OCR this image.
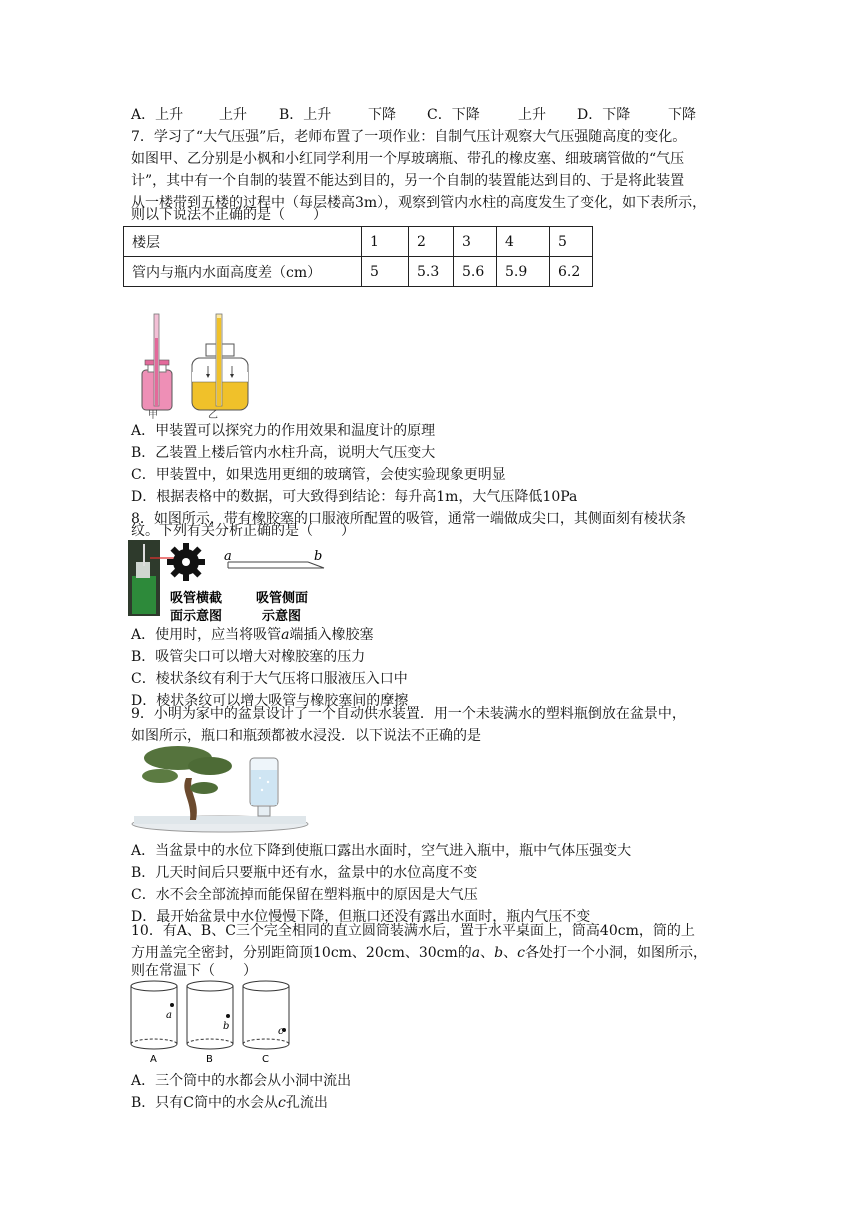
A．上升	上升 B．上升	下降 C．下降	上升 D．下降	下降
7．学习了“大气压强”后，老师布置了一项作业：自制气压计观察大气压强随高度的变化。
如图甲、乙分别是小枫和小红同学利用一个厚玻璃瓶、带孔的橡皮塞、细玻璃管做的“气压
计”，其中有一个自制的装置不能达到目的，另一个自制的装置能达到目的、于是将此装置
从一楼带到五楼的过程中（每层楼高3m），观察到管内水柱的高度发生了变化，如下表所示，
则以下说法不正确的是（　　）
楼层	1	2	3	4	5
管内与瓶内水面高度差（cm）	5	5.3	5.6	5.9	6.2
甲	乙
A．甲装置可以探究力的作用效果和温度计的原理
B．乙装置上楼后管内水柱升高，说明大气压变大
C．甲装置中，如果选用更细的玻璃管，会使实验现象更明显
D．根据表格中的数据，可大致得到结论：每升高1m，大气压降低10Pa
8．如图所示，带有橡胶塞的口服液所配置的吸管，通常一端做成尖口，其侧面刻有棱状条
纹。下列有关分析正确的是（　　）
a	b
吸管横截
面示意图
吸管侧面
示意图
A．使用时，应当将吸管a端插入橡胶塞
B．吸管尖口可以增大对橡胶塞的压力
C．棱状条纹有利于大气压将口服液压入口中
D．棱状条纹可以增大吸管与橡胶塞间的摩擦
9．小明为家中的盆景设计了一个自动供水装置．用一个未装满水的塑料瓶倒放在盆景中，
如图所示，瓶口和瓶颈都被水浸没．以下说法不正确的是
A．当盆景中的水位下降到使瓶口露出水面时，空气进入瓶中，瓶中气体压强变大
B．几天时间后只要瓶中还有水，盆景中的水位高度不变
C．水不会全部流掉而能保留在塑料瓶中的原因是大气压
D．最开始盆景中水位慢慢下降，但瓶口还没有露出水面时，瓶内气压不变
10．有A、B、C三个完全相同的直立圆筒装满水后，置于水平桌面上，筒高40cm，筒的上
方用盖完全密封，分别距筒顶10cm、20cm、30cm的a、b、c各处打一个小洞，如图所示，
则在常温下（　　）
a
b	c
A	B	C
A．三个筒中的水都会从小洞中流出
B．只有C筒中的水会从c孔流出
